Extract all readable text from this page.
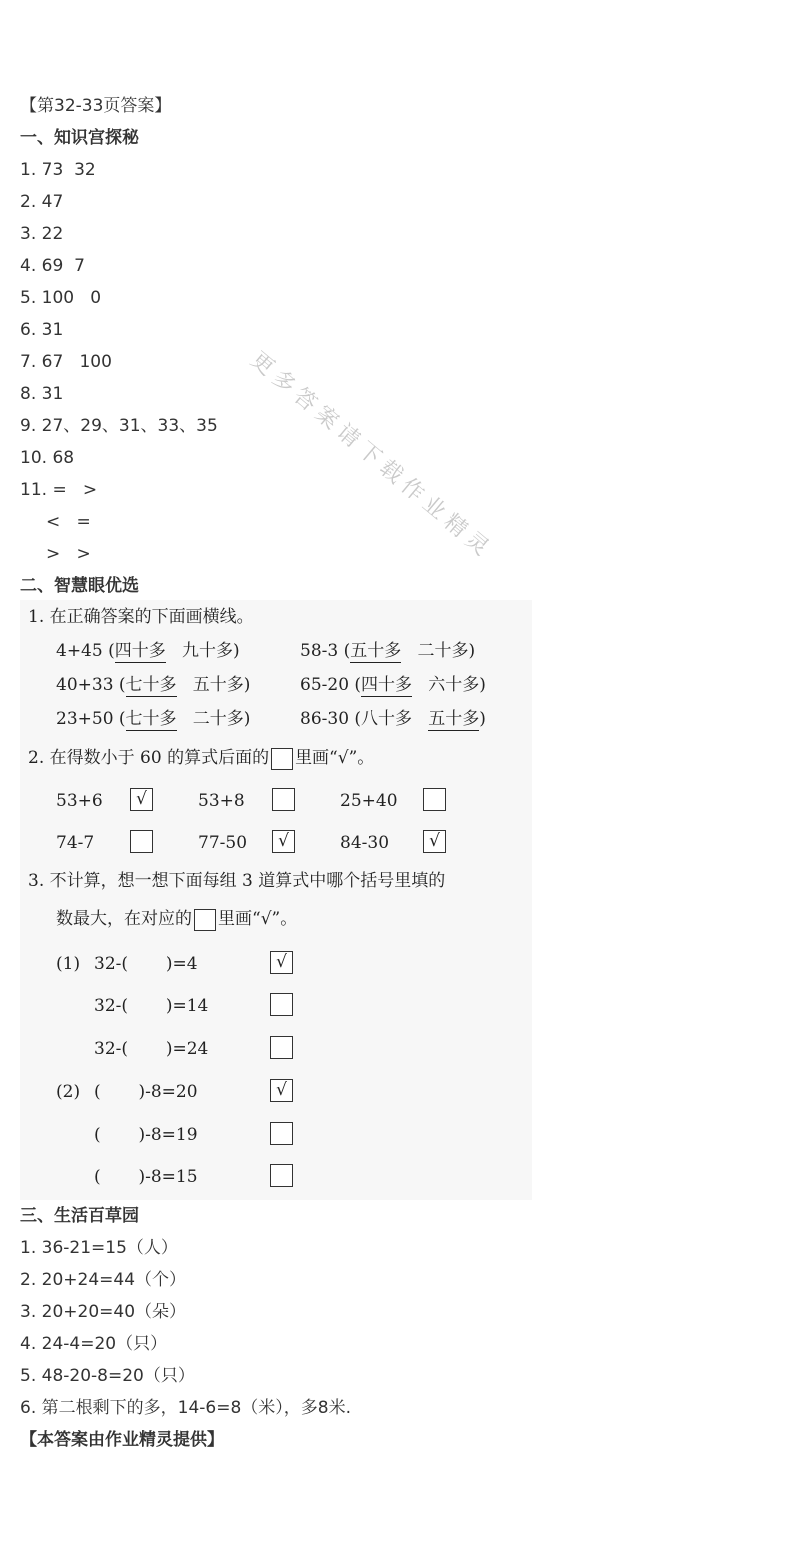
【第32-33页答案】
一、知识宫探秘
1. 73  32
2. 47
3. 22
4. 69  7
5. 100   0
6. 31
7. 67   100
8. 31
9. 27、29、31、33、35
10. 68
11. =   >
<   =
>   >
二、智慧眼优选
更多答案请下载作业精灵
1. 在正确答案的下面画横线。
4+45 (四十多 九十多)	58-3 (五十多 二十多)
40+33 (七十多 五十多)	65-20 (四十多 六十多)
23+50 (七十多 二十多)	86-30 (八十多 五十多)
2. 在得数小于 60 的算式后面的 里画“√”。
53+6	√	53+8	25+40
74-7	77-50	√	84-30	√
3. 不计算，想一想下面每组 3 道算式中哪个括号里填的
数最大，在对应的 里画“√”。
(1) 32-(       )=4	√
32-(       )=14
32-(       )=24
(2) (       )-8=20	√
(       )-8=19
(       )-8=15
三、生活百草园
1. 36-21=15（人）
2. 20+24=44（个）
3. 20+20=40（朵）
4. 24-4=20（只）
5. 48-20-8=20（只）
6. 第二根剩下的多，14-6=8（米），多8米.
【本答案由作业精灵提供】
